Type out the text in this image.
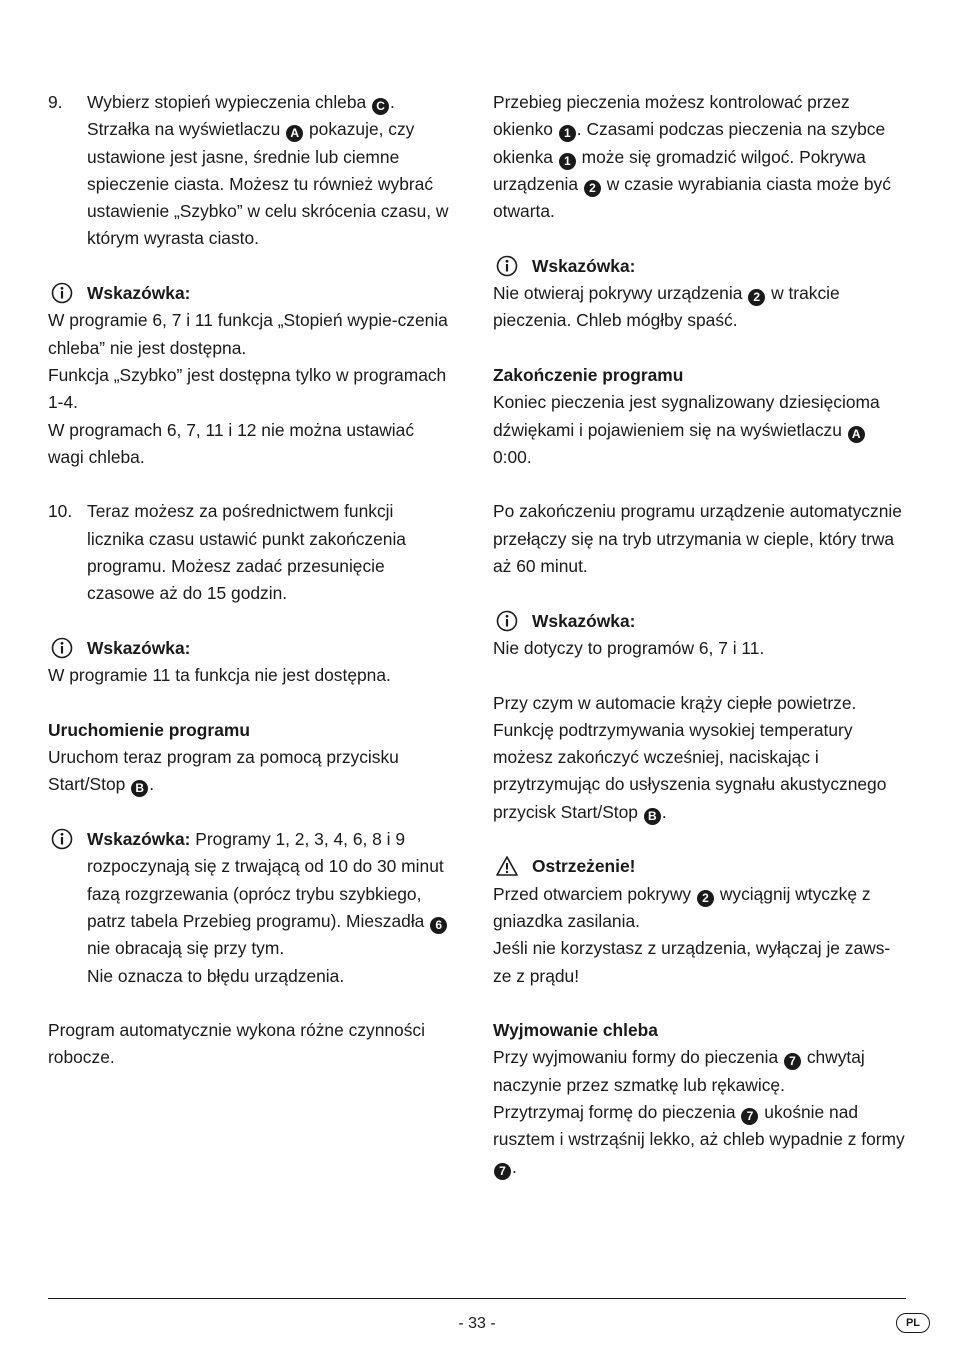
9. Wybierz stopień wypieczenia chleba C .
Strzałka na wyświetlaczu A pokazuje, czy ustawione jest jasne, średnie lub ciemne spieczenie ciasta. Możesz tu również wybrać ustawienie „Szybko” w celu skrócenia czasu, w którym wyrasta ciasto.

Wskazówka:

W programie 6, 7 i 11 funkcja „Stopień wypie-czenia chleba” nie jest dostępna.

Funkcja „Szybko” jest dostępna tylko w programach 1-4.

W programach 6, 7, 11 i 12 nie można ustawiać wagi chleba.

10. Teraz możesz za pośrednictwem funkcji licznika czasu ustawić punkt zakończenia programu. Możesz zadać przesunięcie czasowe aż do 15 godzin.

Wskazówka:

W programie 11 ta funkcja nie jest dostępna.

Uruchomienie programu

Uruchom teraz program za pomocą przycisku Start/Stop B .

Wskazówka: Programy 1, 2, 3, 4, 6, 8 i 9 rozpoczynają się z trwającą od 10 do 30 minut fazą rozgrzewania (oprócz trybu szybkiego, patrz tabela Przebieg programu). Mieszadła 6 nie obracają się przy tym.

Nie oznacza to błędu urządzenia.

Program automatycznie wykona różne czynności robocze.

Przebieg pieczenia możesz kontrolować przez okienko 1 . Czasami podczas pieczenia na szybce okienka 1 może się gromadzić wilgoć. Pokrywa urządzenia 2 w czasie wyrabiania ciasta może być otwarta.

Wskazówka:

Nie otwieraj pokrywy urządzenia 2 w trakcie pieczenia. Chleb mógłby spaść.

Zakończenie programu

Koniec pieczenia jest sygnalizowany dziesięcioma dźwiękami i pojawieniem się na wyświetlaczu A 0:00.

Po zakończeniu programu urządzenie automatycznie przełączy się na tryb utrzymania w cieple, który trwa aż 60 minut.

Wskazówka:

Nie dotyczy to programów 6, 7 i 11.

Przy czym w automacie krąży ciepłe powietrze. Funkcję podtrzymywania wysokiej temperatury możesz zakończyć wcześniej, naciskając i przytrzymując do usłyszenia sygnału akustycznego przycisk Start/Stop B .

Ostrzeżenie!

Przed otwarciem pokrywy 2 wyciągnij wtyczkę z gniazdka zasilania.

Jeśli nie korzystasz z urządzenia, wyłączaj je zaws-ze z prądu!

Wyjmowanie chleba

Przy wyjmowaniu formy do pieczenia 7 chwytaj naczynie przez szmatkę lub rękawicę.

Przytrzymaj formę do pieczenia 7 ukośnie nad rusztem i wstrząśnij lekko, aż chleb wypadnie z formy 7 .

- 33 -	PL
